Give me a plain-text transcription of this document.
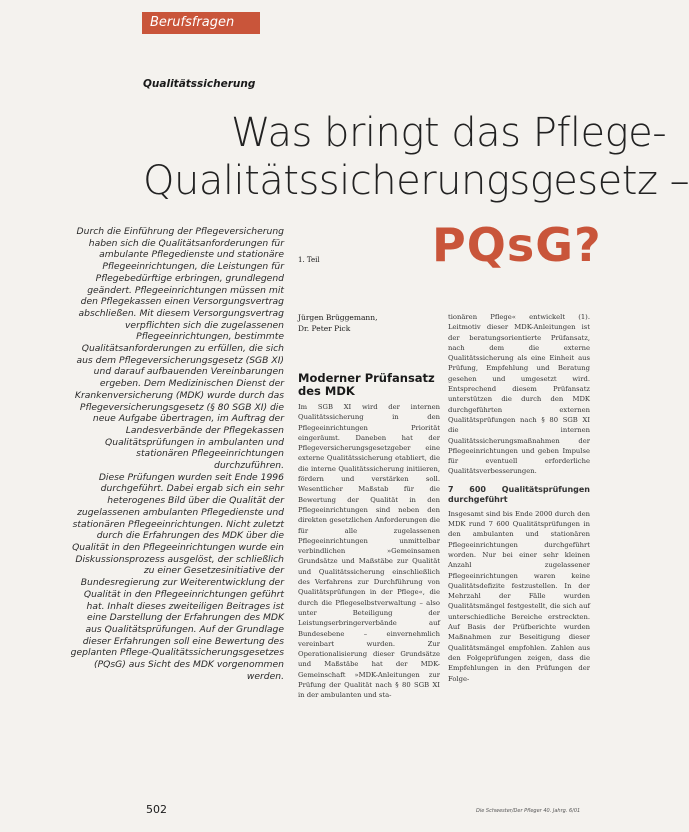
Berufsfragen
Qualitätssicherung
Was bringt das Pflege-
Qualitätssicherungsgesetz –
PQsG?
1. Teil
Jürgen Brüggemann,
Dr. Peter Pick

Durch die Einführung der Pflegeversicherung haben sich die Qualitätsanforderungen für ambulante Pflegedienste und stationäre Pflegeeinrichtungen, die Leistungen für Pflegebedürftige erbringen, grundlegend geändert. Pflegeeinrichtungen müssen mit den Pflegekassen einen Versorgungsvertrag abschließen. Mit diesem Versorgungsvertrag verpflichten sich die zugelassenen Pflegeeinrichtungen, bestimmte Qualitätsanforderungen zu erfüllen, die sich aus dem Pflegeversicherungsgesetz (SGB XI) und darauf aufbauenden Vereinbarungen ergeben. Dem Medizinischen Dienst der Krankenversicherung (MDK) wurde durch das Pflegeversicherungsgesetz (§ 80 SGB XI) die neue Aufgabe übertragen, im Auftrag der Landesverbände der Pflegekassen Qualitätsprüfungen in ambulanten und stationären Pflegeeinrichtungen durchzuführen.

Diese Prüfungen wurden seit Ende 1996 durchgeführt. Dabei ergab sich ein sehr heterogenes Bild über die Qualität der zugelassenen ambulanten Pflegedienste und stationären Pflegeeinrichtungen. Nicht zuletzt durch die Erfahrungen des MDK über die Qualität in den Pflegeeinrichtungen wurde ein Diskussionsprozess ausgelöst, der schließlich zu einer Gesetzesinitiative der Bundesregierung zur Weiterentwicklung der Qualität in den Pflegeeinrichtungen geführt hat. Inhalt dieses zweiteiligen Beitrages ist eine Darstellung der Erfahrungen des MDK aus Qualitätsprüfungen. Auf der Grundlage dieser Erfahrungen soll eine Bewertung des geplanten Pflege-Qualitätssicherungsgesetzes (PQsG) aus Sicht des MDK vorgenommen werden.

Moderner Prüfansatz des MDK

Im SGB XI wird der internen Qualitätssicherung in den Pflegeeinrichtungen Priorität eingeräumt. Daneben hat der Pflegeversicherungsgesetzgeber eine externe Qualitätssicherung etabliert, die die interne Qualitätssicherung initiieren, fördern und verstärken soll. Wesentlicher Maßstab für die Bewertung der Qualität in den Pflegeeinrichtungen sind neben den direkten gesetzlichen Anforderungen die für alle zugelassenen Pflegeeinrichtungen unmittelbar verbindlichen »Gemeinsamen Grundsätze und Maßstäbe zur Qualität und Qualitätssicherung einschließlich des Verfahrens zur Durchführung von Qualitätsprüfungen in der Pflege«, die durch die Pflegeselbstverwaltung – also unter Beteiligung der Leistungserbringerverbände auf Bundesebene – einvernehmlich vereinbart wurden. Zur Operationalisierung dieser Grundsätze und Maßstäbe hat der MDK-Gemeinschaft »MDK-Anleitungen zur Prüfung der Qualität nach § 80 SGB XI in der ambulanten und sta-

tionären Pflege« entwickelt (1). Leitmotiv dieser MDK-Anleitungen ist der beratungsorientierte Prüfansatz, nach dem die externe Qualitätssicherung als eine Einheit aus Prüfung, Empfehlung und Beratung gesehen und umgesetzt wird. Entsprechend diesem Prüfansatz unterstützen die durch den MDK durchgeführten externen Qualitätsprüfungen nach § 80 SGB XI die internen Qualitätssicherungsmaßnahmen der Pflegeeinrichtungen und geben Impulse für eventuell erforderliche Qualitätsverbesserungen.

7 600 Qualitätsprüfungen durchgeführt

Insgesamt sind bis Ende 2000 durch den MDK rund 7 600 Qualitätsprüfungen in den ambulanten und stationären Pflegeeinrichtungen durchgeführt worden. Nur bei einer sehr kleinen Anzahl zugelassener Pflegeeinrichtungen waren keine Qualitätsdefizite festzustellen. In der Mehrzahl der Fälle wurden Qualitätsmängel festgestellt, die sich auf unterschiedliche Bereiche erstreckten. Auf Basis der Prüfberichte wurden Maßnahmen zur Beseitigung dieser Qualitätsmängel empfohlen. Zahlen aus den Folgeprüfungen zeigen, dass die Empfehlungen in den Prüfungen der Folge-

502	Die Schwester/Der Pfleger 40. Jahrg. 6/01
